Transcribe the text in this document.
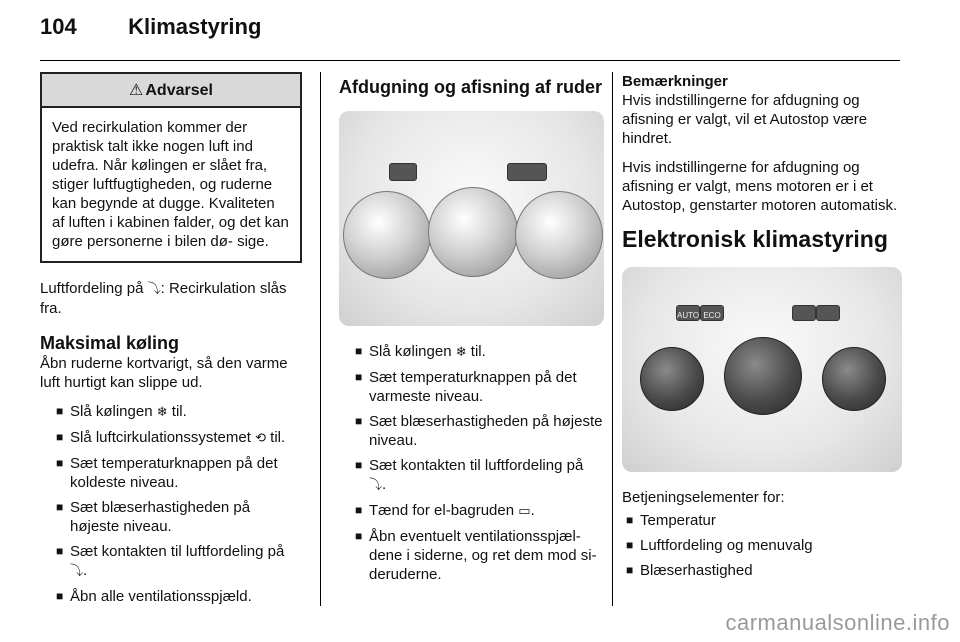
104 Klimastyring
⚠ Advarsel
Ved recirkulation kommer der praktisk talt ikke nogen luft ind udefra. Når kølingen er slået fra, stiger luftfugtigheden, og ruderne kan begynde at dugge. Kvaliteten af luften i kabinen falder, og det kan gøre personerne i bilen dø- sige.

Luftfordeling på ⤵: Recirkulation slås fra.

Maksimal køling

Åbn ruderne kortvarigt, så den varme luft hurtigt kan slippe ud.

■ Slå kølingen ❄ til.
■ Slå luftcirkulationssystemet ⟲ til.
■ Sæt temperaturknappen på det koldeste niveau.
■ Sæt blæserhastigheden på højeste niveau.
■ Sæt kontakten til luftfordeling på ⤵.
■ Åbn alle ventilationsspjæld.
Afdugning og afisning af ruder
■ Slå kølingen ❄ til.
■ Sæt temperaturknappen på det varmeste niveau.
■ Sæt blæserhastigheden på højeste niveau.
■ Sæt kontakten til luftfordeling på ⤵.
■ Tænd for el-bagruden ▭.
■ Åbn eventuelt ventilationsspjæl- dene i siderne, og ret dem mod si- deruderne.
Bemærkninger

Hvis indstillingerne for afdugning og afisning er valgt, vil et Autostop være hindret.

Hvis indstillingerne for afdugning og afisning er valgt, mens motoren er i et Autostop, genstarter motoren automatisk.

Elektronisk klimastyring
AUTO ECO

Betjeningselementer for:

■ Temperatur
■ Luftfordeling og menuvalg
■ Blæserhastighed
carmanualsonline.info
